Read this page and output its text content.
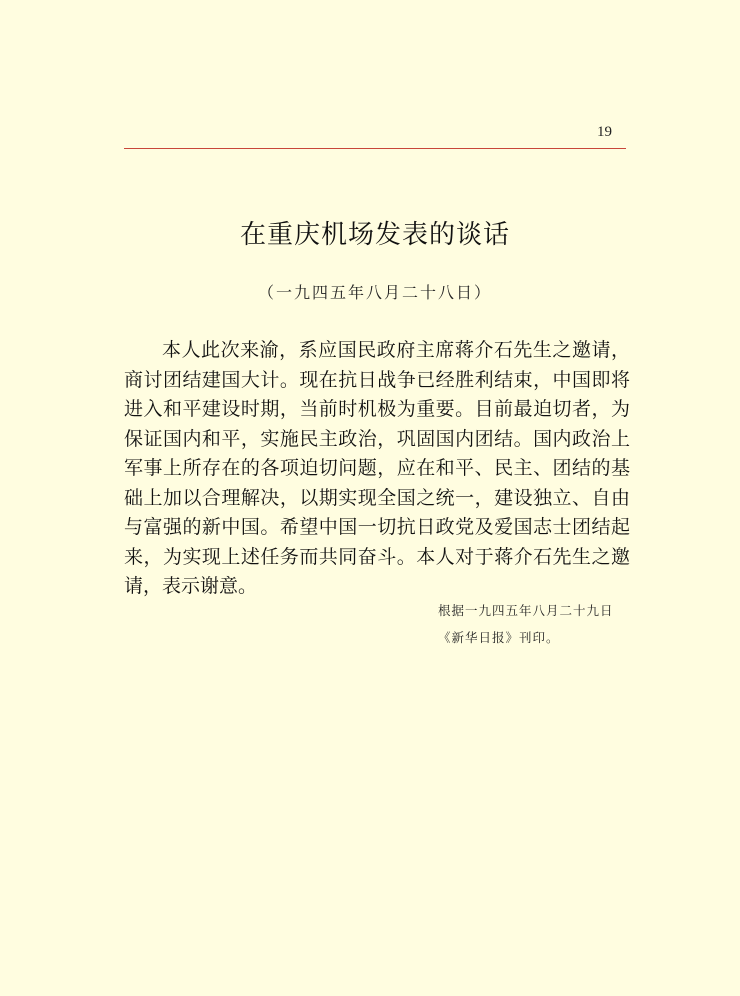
19
在重庆机场发表的谈话
（一九四五年八月二十八日）

本人此次来渝，系应国民政府主席蒋介石先生之邀请，商讨团结建国大计。现在抗日战争已经胜利结束，中国即将进入和平建设时期，当前时机极为重要。目前最迫切者，为保证国内和平，实施民主政治，巩固国内团结。国内政治上军事上所存在的各项迫切问题，应在和平、民主、团结的基础上加以合理解决，以期实现全国之统一，建设独立、自由与富强的新中国。希望中国一切抗日政党及爱国志士团结起来，为实现上述任务而共同奋斗。本人对于蒋介石先生之邀请，表示谢意。

根据一九四五年八月二十九日
《新华日报》刊印。
